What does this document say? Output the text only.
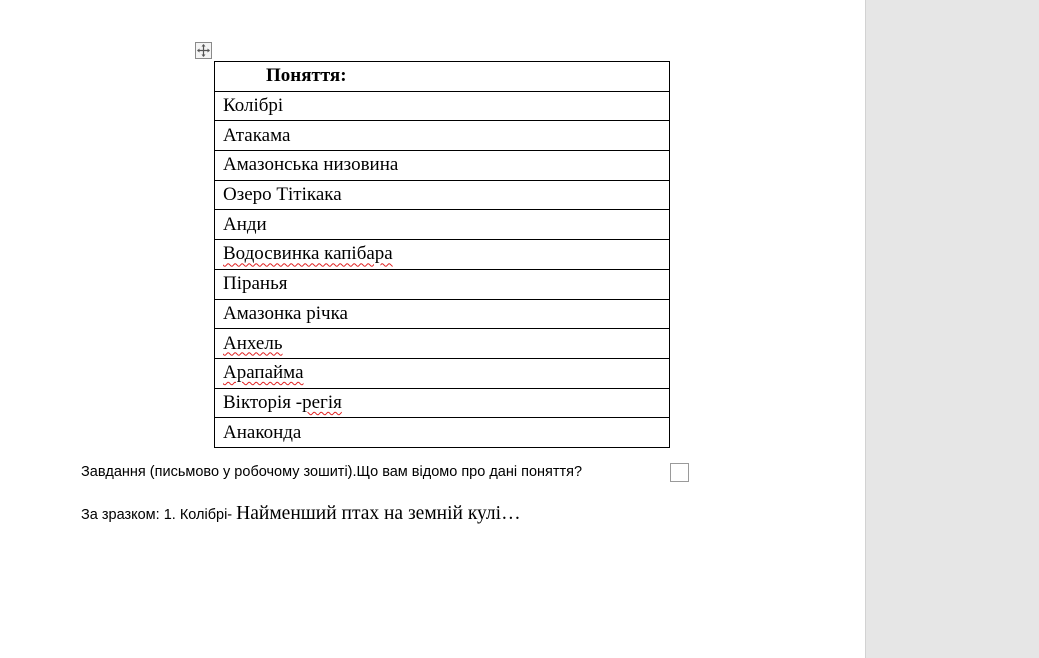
Поняття:
Колібрі
Атакама
Амазонська низовина
Озеро Тітікака
Анди
Водосвинка капібара
Піранья
Амазонка річка
Анхель
Арапайма
Вікторія -регія
Анаконда
Завдання (письмово у робочому зошиті).Що вам відомо про дані поняття?
За зразком: 1. Колібрі- Найменший птах на земній кулі…
